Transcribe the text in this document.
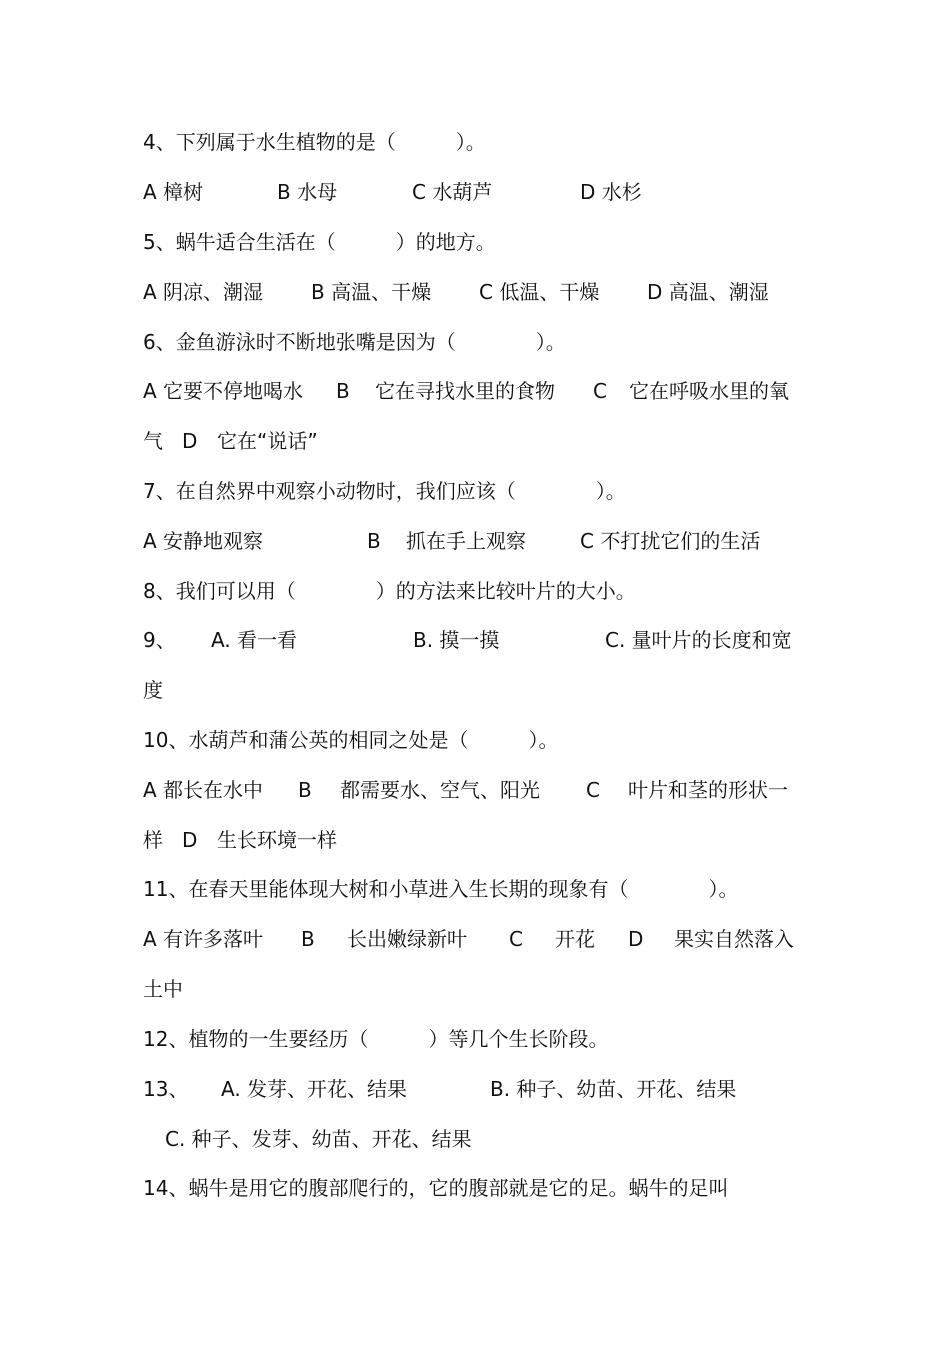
4、下列属于水生植物的是（　　　）。
A 樟树	B 水母	C 水葫芦	D 水杉
5、蜗牛适合生活在（　　　）的地方。
A 阴凉、潮湿 B 高温、干燥 C 低温、干燥 D 高温、潮湿
6、金鱼游泳时不断地张嘴是因为（　　　　）。
A 它要不停地喝水 B 它在寻找水里的食物 C 它在呼吸水里的氧
气 D 它在“说话”
7、在自然界中观察小动物时，我们应该（　　　　）。
A 安静地观察	B 抓在手上观察	C 不打扰它们的生活
8、我们可以用（　　　　）的方法来比较叶片的大小。
9、 A. 看一看	B. 摸一摸	C. 量叶片的长度和宽
度
10、水葫芦和蒲公英的相同之处是（　　　）。
A 都长在水中 B 都需要水、空气、阳光 C 叶片和茎的形状一
样 D 生长环境一样
11、在春天里能体现大树和小草进入生长期的现象有（　　　　）。
A 有许多落叶 B 长出嫩绿新叶 C 开花 D 果实自然落入
土中
12、植物的一生要经历（　　　）等几个生长阶段。
13、 A. 发芽、开花、结果	B. 种子、幼苗、开花、结果
C. 种子、发芽、幼苗、开花、结果
14、蜗牛是用它的腹部爬行的，它的腹部就是它的足。蜗牛的足叫
